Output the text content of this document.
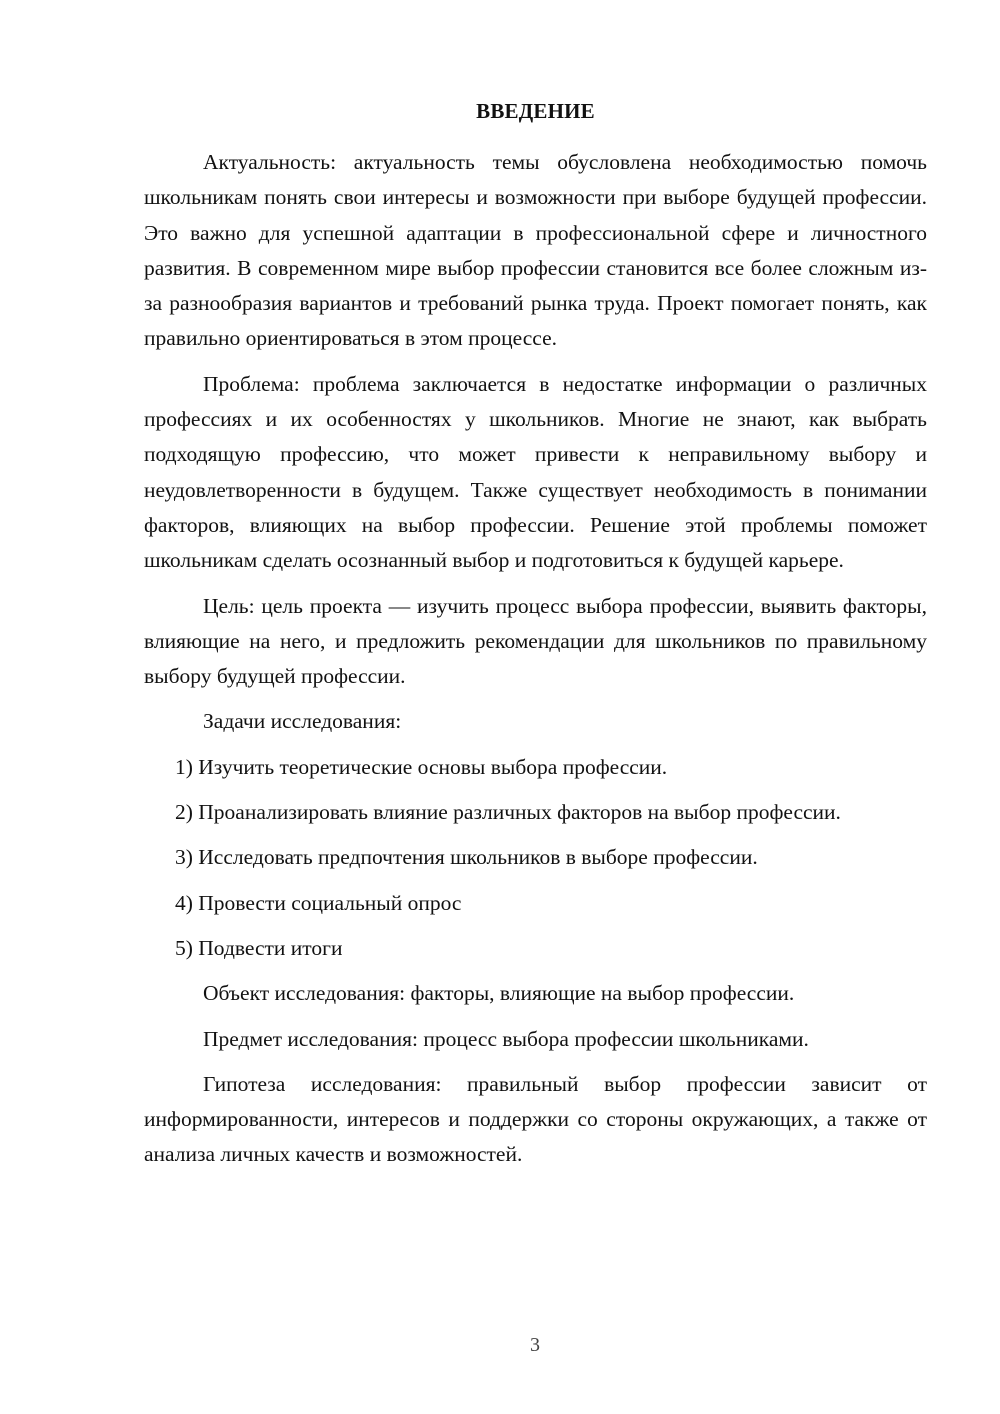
ВВЕДЕНИЕ

Актуальность: актуальность темы обусловлена необходимостью помочь школьникам понять свои интересы и возможности при выборе будущей профессии. Это важно для успешной адаптации в профессиональной сфере и личностного развития. В современном мире выбор профессии становится все более сложным из-за разнообразия вариантов и требований рынка труда. Проект помогает понять, как правильно ориентироваться в этом процессе.

Проблема: проблема заключается в недостатке информации о различных профессиях и их особенностях у школьников. Многие не знают, как выбрать подходящую профессию, что может привести к неправильному выбору и неудовлетворенности в будущем. Также существует необходимость в понимании факторов, влияющих на выбор профессии. Решение этой проблемы поможет школьникам сделать осознанный выбор и подготовиться к будущей карьере.

Цель: цель проекта — изучить процесс выбора профессии, выявить факторы, влияющие на него, и предложить рекомендации для школьников по правильному выбору будущей профессии.

Задачи исследования:

1) Изучить теоретические основы выбора профессии.

2) Проанализировать влияние различных факторов на выбор профессии.

3) Исследовать предпочтения школьников в выборе профессии.

4) Провести социальный опрос

5) Подвести итоги

Объект исследования: факторы, влияющие на выбор профессии.

Предмет исследования: процесс выбора профессии школьниками.

Гипотеза исследования: правильный выбор профессии зависит от информированности, интересов и поддержки со стороны окружающих, а также от анализа личных качеств и возможностей.

3
